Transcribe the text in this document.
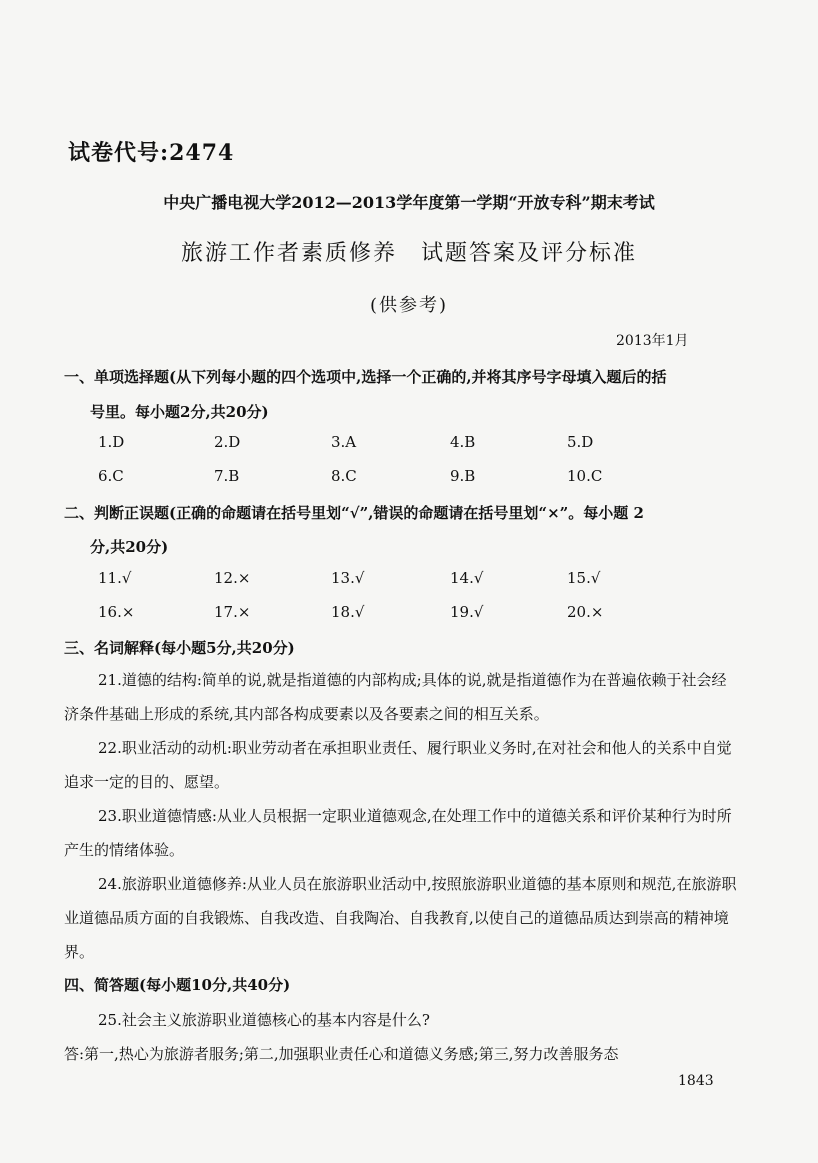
试卷代号:2474
中央广播电视大学2012—2013学年度第一学期“开放专科”期末考试
旅游工作者素质修养　试题答案及评分标准
(供参考)
2013年1月
一、单项选择题(从下列每小题的四个选项中,选择一个正确的,并将其序号字母填入题后的括
号里。每小题2分,共20分)
1.D	2.D	3.A	4.B	5.D
6.C	7.B	8.C	9.B	10.C
二、判断正误题(正确的命题请在括号里划“√”,错误的命题请在括号里划“×”。每小题 2
分,共20分)
11.√	12.×	13.√	14.√	15.√
16.×	17.×	18.√	19.√	20.×
三、名词解释(每小题5分,共20分)
21.道德的结构:简单的说,就是指道德的内部构成;具体的说,就是指道德作为在普遍依赖于社会经济条件基础上形成的系统,其内部各构成要素以及各要素之间的相互关系。
22.职业活动的动机:职业劳动者在承担职业责任、履行职业义务时,在对社会和他人的关系中自觉追求一定的目的、愿望。
23.职业道德情感:从业人员根据一定职业道德观念,在处理工作中的道德关系和评价某种行为时所产生的情绪体验。
24.旅游职业道德修养:从业人员在旅游职业活动中,按照旅游职业道德的基本原则和规范,在旅游职业道德品质方面的自我锻炼、自我改造、自我陶冶、自我教育,以使自己的道德品质达到崇高的精神境界。
四、简答题(每小题10分,共40分)
25.社会主义旅游职业道德核心的基本内容是什么?
答:第一,热心为旅游者服务;第二,加强职业责任心和道德义务感;第三,努力改善服务态
1843
